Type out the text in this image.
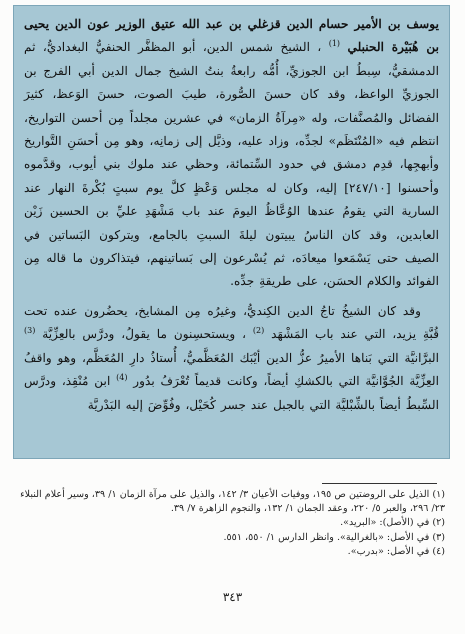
يوسف بن الأمير حسام الدين قزغلي بن عبد الله عتيق الوزير عون الدين يحيى بن هُبَيْرة الحنبلي $^{(1)}$ ، الشيخ شمس الدين، أبو المظفَّر الحنفيُّ البغداديُّ، ثم الدمشقيُّ، سِبطُ ابن الجوزيِّ، أُمُّه رابعةُ بنتُ الشيخ جمال الدين أبي الفرج بن الجوزيِّ الواعظ، وقد كان حسنَ الصُّورة، طيبَ الصوت، حسنَ الوَعظ، كثيرَ الفضائل والمُصنَّفات، وله «مِرآةُ الزمان» في عشرين مجلداً مِن أحسن التواريخ، انتظم فيه «المُنْتَظَم» لجدِّه، وزاد عليه، وذيَّل إلى زمانِه، وهو مِن أحسَنِ التَّواريخ وأبهجِها، قدِم دمشق في حدود السِّتمائة، وحظي عند ملوك بني أيوب، وقدَّموه وأحسنوا [٢٤٧/١٠] إليه، وكان له مجلس وَعْظٍ كلَّ يوم سبتٍ بُكْرةَ النهار عند السارية التي يقومُ عندها الوُعَّاظُ اليومَ عند باب مَشْهَدِ عليِّ بن الحسين زَيْن العابدين، وقد كان الناسُ يبيتون ليلةَ السبتِ بالجامع، ويتركون البَساتين في الصيف حتى يَسْمَعوا ميعادَه، ثم يُسْرعون إلى بَساتينهم، فيتذاكرون ما قاله مِن الفوائد والكلام الحسَن، على طريقةِ جدِّه.

وقد كان الشيخُ تاجُ الدين الكِنديُّ، وغيرُه مِن المشايخ، يحضُرون عنده تحت قُبَّةِ يزيد، التي عند باب المَشْهَد $^{(2)}$ ، ويستحسِنون ما يقولُ، ودرَّس بالعِزِّيَّة $^{(3)}$ البرَّانيَّة التي بَناها الأميرُ عزُّ الدين أيْبَك المُعَظَّميُّ، أُستاذُ دارِ المُعَظَّم، وهو واقفُ العِزِّيَّة الجُوَّانيَّة التي بالكشكِ أيضاً، وكانت قديماً تُعْرَفُ بدُور $^{(4)}$ ابن مُنْقِذ، ودرَّس السِّبطُ أيضاً بالشِّبْليَّة التي بالجبل عند جسر كُحَيْل، وفُوِّضَ إليه البَدْريَّة

(١) الذيل على الروضتين ص ١٩٥، ووفيات الأعيان ٣/ ١٤٢، والذيل على مرآة الزمان ١/ ٣٩، وسير أعلام النبلاء ٢٣/ ٢٩٦، والعبر ٥/ ٢٢٠، وعقد الجمان ١/ ١٣٢، والنجوم الزاهرة ٧/ ٣٩.

(٢) في (الأصل): «البريد».

(٣) في الأصل: «بالغرالية». وانظر الدارس ١/ ٥٥٠، ٥٥١.

(٤) في الأصل: «بدرب».

٣٤٣
